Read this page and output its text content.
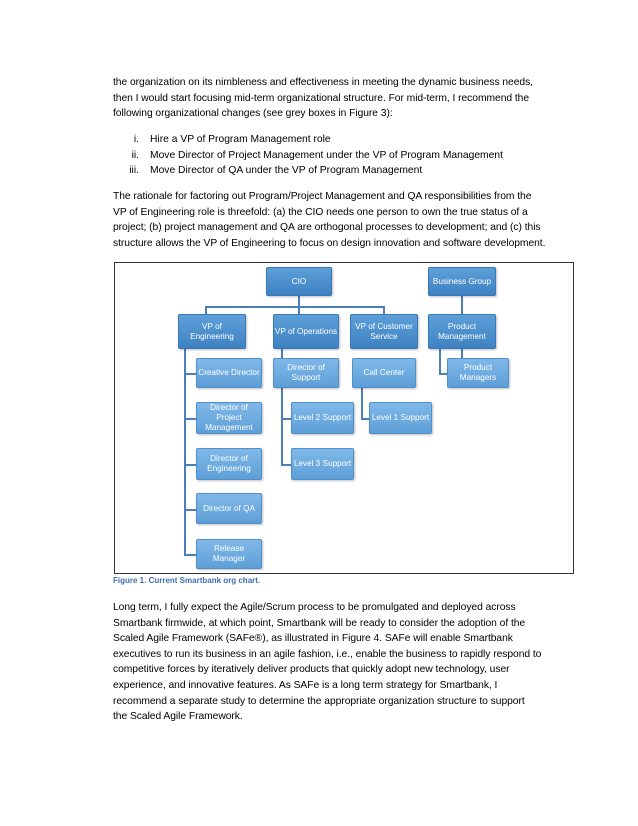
the organization on its nimbleness and effectiveness in meeting the dynamic business needs,
then I would start focusing mid-term organizational structure. For mid-term, I recommend the
following organizational changes (see grey boxes in Figure 3):

i. Hire a VP of Program Management role
ii. Move Director of Project Management under the VP of Program Management
iii. Move Director of QA under the VP of Program Management

The rationale for factoring out Program/Project Management and QA responsibilities from the
VP of Engineering role is threefold: (a) the CIO needs one person to own the true status of a
project; (b) project management and QA are orthogonal processes to development; and (c) this
structure allows the VP of Engineering to focus on design innovation and software development.

CIO	Business Group
VP of Engineering
VP of Operations
VP of Customer Service
Product Management
Product Managers
Creative Director
Director of Project Management
Director of Engineering
Director of QA
Release Manager
Director of Support
Level 2 Support
Level 3 Support
Call Center
Level 1 Support
Figure 1. Current Smartbank org chart.

Long term, I fully expect the Agile/Scrum process to be promulgated and deployed across
Smartbank firmwide, at which point, Smartbank will be ready to consider the adoption of the
Scaled Agile Framework (SAFe®), as illustrated in Figure 4. SAFe will enable Smartbank
executives to run its business in an agile fashion, i.e., enable the business to rapidly respond to
competitive forces by iteratively deliver products that quickly adopt new technology, user
experience, and innovative features. As SAFe is a long term strategy for Smartbank, I
recommend a separate study to determine the appropriate organization structure to support
the Scaled Agile Framework.
